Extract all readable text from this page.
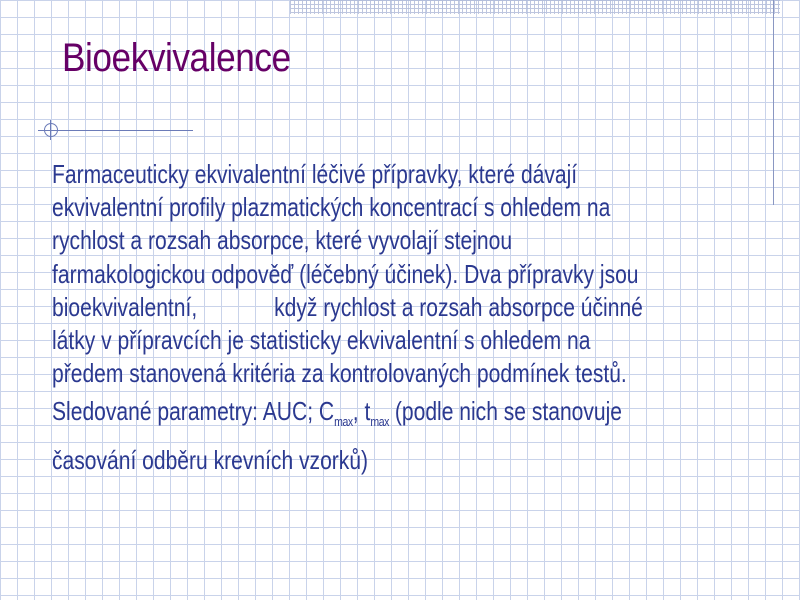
Bioekvivalence

Farmaceuticky ekvivalentní léčivé přípravky, které dávají

ekvivalentní profily plazmatických koncentrací s ohledem na

rychlost a rozsah absorpce, které vyvolají stejnou

farmakologickou odpověď (léčebný účinek). Dva přípravky jsou

bioekvivalentní,	když rychlost a rozsah absorpce účinné

látky v přípravcích je statisticky ekvivalentní s ohledem na

předem stanovená kritéria za kontrolovaných podmínek testů.

Sledované parametry: AUC; $C_{max}$, $t_{max}$ (podle nich se stanovuje

časování odběru krevních vzorků)
